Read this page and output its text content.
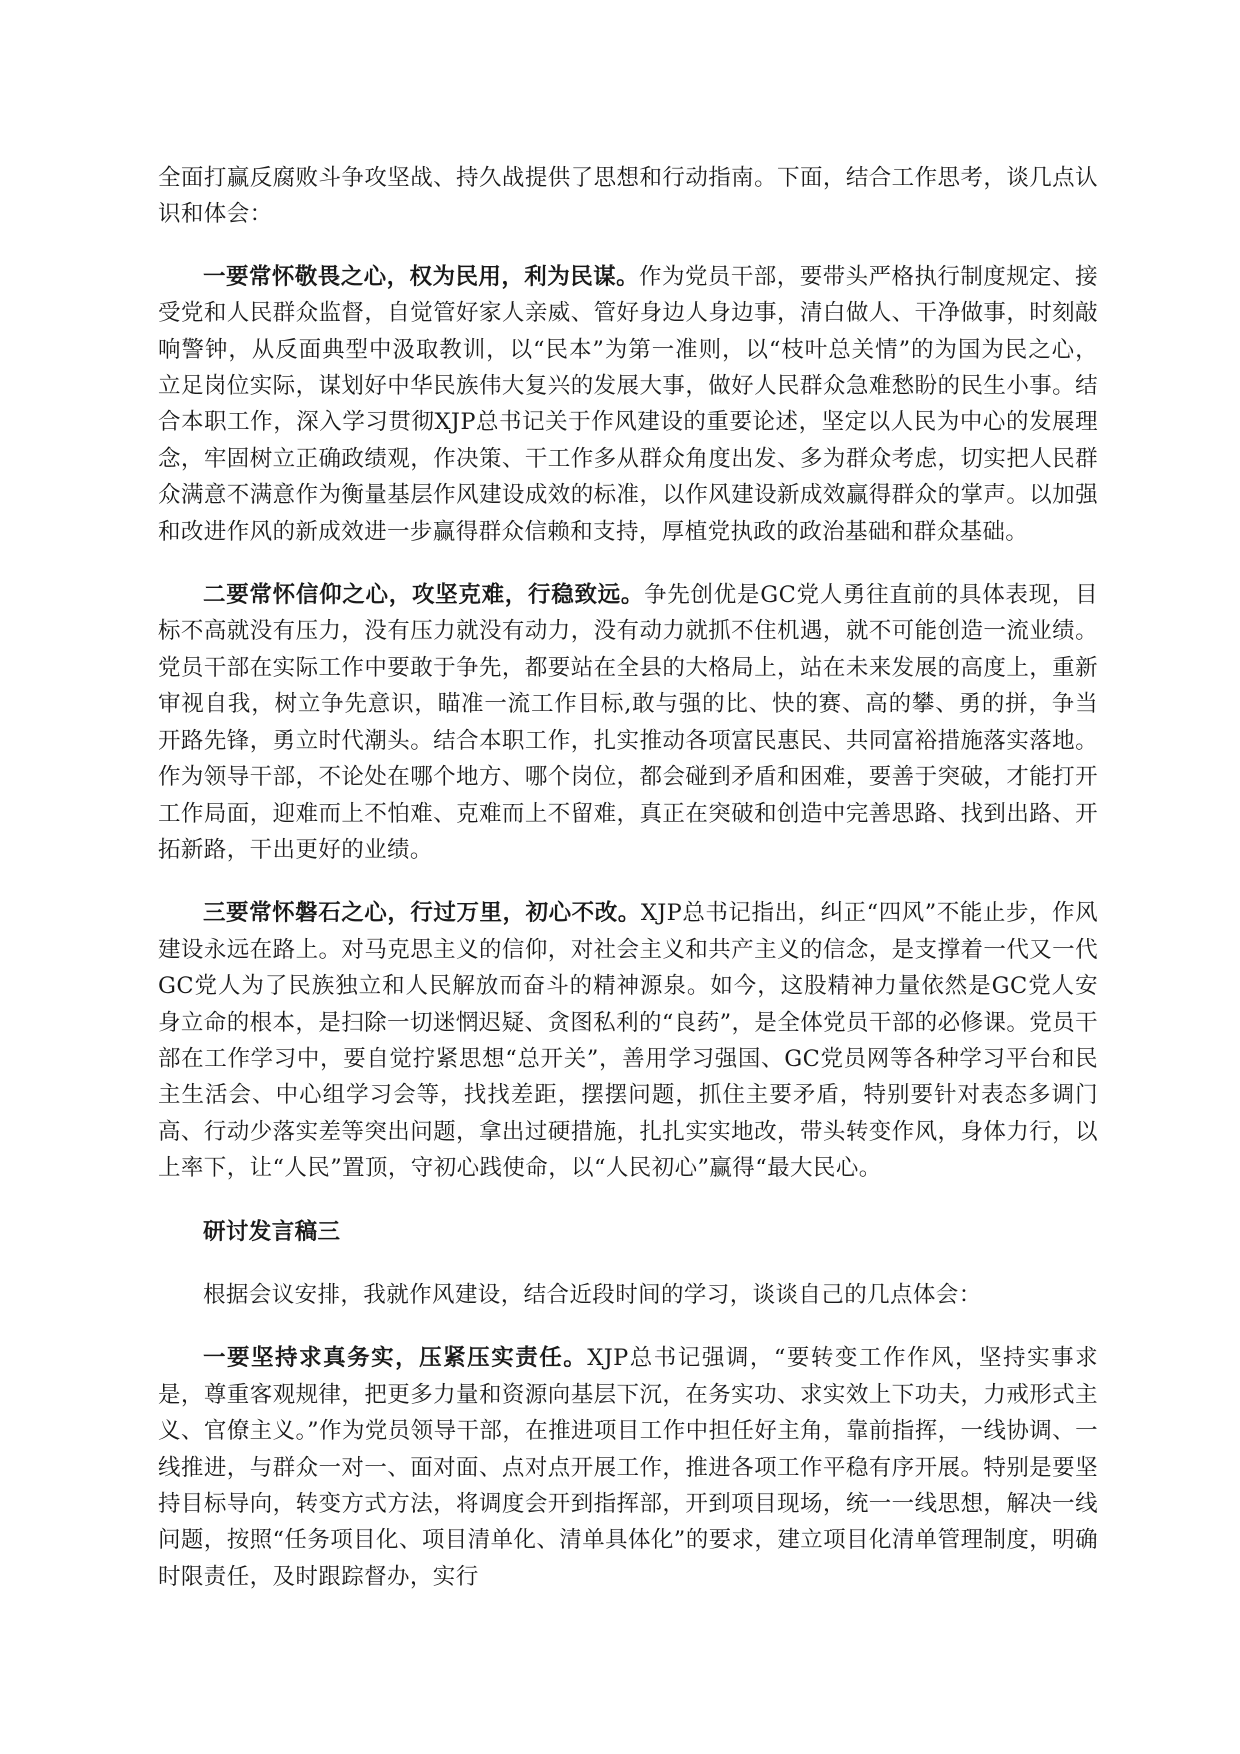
全面打赢反腐败斗争攻坚战、持久战提供了思想和行动指南。下面，结合工作思考，谈几点认识和体会：

一要常怀敬畏之心，权为民用，利为民谋。作为党员干部，要带头严格执行制度规定、接受党和人民群众监督，自觉管好家人亲威、管好身边人身边事，清白做人、干净做事，时刻敲响警钟，从反面典型中汲取教训，以“民本”为第一准则，以“枝叶总关情”的为国为民之心，立足岗位实际，谋划好中华民族伟大复兴的发展大事，做好人民群众急难愁盼的民生小事。结合本职工作，深入学习贯彻XJP总书记关于作风建设的重要论述，坚定以人民为中心的发展理念，牢固树立正确政绩观，作决策、干工作多从群众角度出发、多为群众考虑，切实把人民群众满意不满意作为衡量基层作风建设成效的标准，以作风建设新成效赢得群众的掌声。以加强和改进作风的新成效进一步赢得群众信赖和支持，厚植党执政的政治基础和群众基础。

二要常怀信仰之心，攻坚克难，行稳致远。争先创优是GC党人勇往直前的具体表现，目标不高就没有压力，没有压力就没有动力，没有动力就抓不住机遇，就不可能创造一流业绩。党员干部在实际工作中要敢于争先，都要站在全县的大格局上，站在未来发展的高度上，重新审视自我，树立争先意识，瞄准一流工作目标,敢与强的比、快的赛、高的攀、勇的拼，争当开路先锋，勇立时代潮头。结合本职工作，扎实推动各项富民惠民、共同富裕措施落实落地。作为领导干部，不论处在哪个地方、哪个岗位，都会碰到矛盾和困难，要善于突破，才能打开工作局面，迎难而上不怕难、克难而上不留难，真正在突破和创造中完善思路、找到出路、开拓新路，干出更好的业绩。

三要常怀磐石之心，行过万里，初心不改。XJP总书记指出，纠正“四风”不能止步，作风建设永远在路上。对马克思主义的信仰，对社会主义和共产主义的信念，是支撑着一代又一代GC党人为了民族独立和人民解放而奋斗的精神源泉。如今，这股精神力量依然是GC党人安身立命的根本，是扫除一切迷惘迟疑、贪图私利的“良药”，是全体党员干部的必修课。党员干部在工作学习中，要自觉拧紧思想“总开关”，善用学习强国、GC党员网等各种学习平台和民主生活会、中心组学习会等，找找差距，摆摆问题，抓住主要矛盾，特别要针对表态多调门高、行动少落实差等突出问题，拿出过硬措施，扎扎实实地改，带头转变作风，身体力行，以上率下，让“人民”置顶，守初心践使命，以“人民初心”赢得“最大民心。

研讨发言稿三

根据会议安排，我就作风建设，结合近段时间的学习，谈谈自己的几点体会：

一要坚持求真务实，压紧压实责任。XJP总书记强调，“要转变工作作风，坚持实事求是，尊重客观规律，把更多力量和资源向基层下沉，在务实功、求实效上下功夫，力戒形式主义、官僚主义。”作为党员领导干部，在推进项目工作中担任好主角，靠前指挥，一线协调、一线推进，与群众一对一、面对面、点对点开展工作，推进各项工作平稳有序开展。特别是要坚持目标导向，转变方式方法，将调度会开到指挥部，开到项目现场，统一一线思想，解决一线问题，按照“任务项目化、项目清单化、清单具体化”的要求，建立项目化清单管理制度，明确时限责任，及时跟踪督办，实行
